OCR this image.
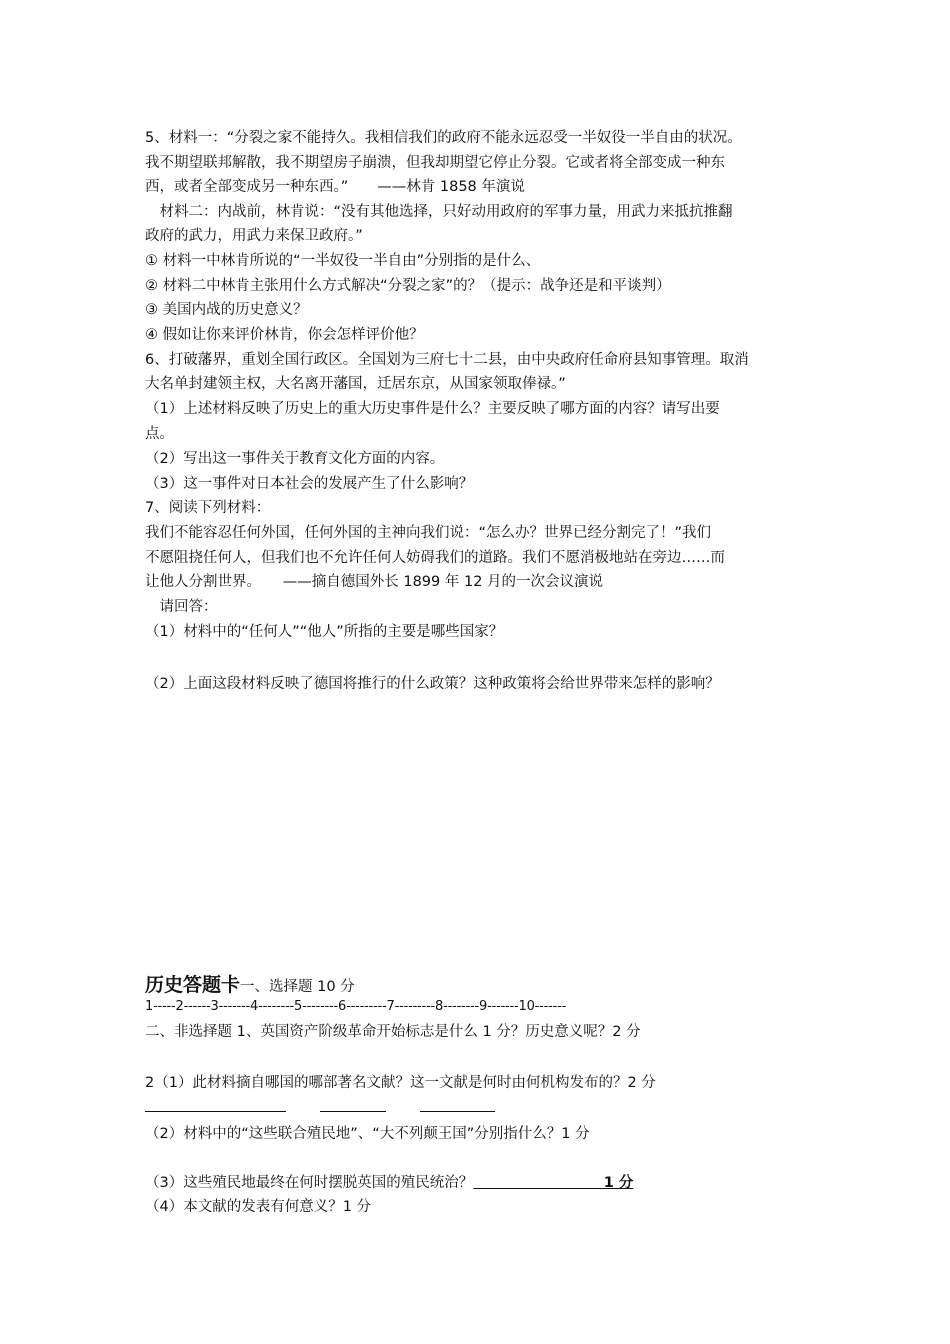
5、材料一：“分裂之家不能持久。我相信我们的政府不能永远忍受一半奴役一半自由的状况。
我不期望联邦解散，我不期望房子崩溃，但我却期望它停止分裂。它或者将全部变成一种东
西，或者全部变成另一种东西。”　　——林肯 1858 年演说
　材料二：内战前，林肯说：“没有其他选择，只好动用政府的军事力量，用武力来抵抗推翻
政府的武力，用武力来保卫政府。”
① 材料一中林肯所说的“一半奴役一半自由”分别指的是什么、
② 材料二中林肯主张用什么方式解决“分裂之家”的？（提示：战争还是和平谈判）
③ 美国内战的历史意义？
④ 假如让你来评价林肯，你会怎样评价他？
6、打破藩界，重划全国行政区。全国划为三府七十二县，由中央政府任命府县知事管理。取消
大名单封建领主权，大名离开藩国，迁居东京，从国家领取俸禄。”
（1）上述材料反映了历史上的重大历史事件是什么？主要反映了哪方面的内容？请写出要
点。
（2）写出这一事件关于教育文化方面的内容。
（3）这一事件对日本社会的发展产生了什么影响？
7、阅读下列材料：
我们不能容忍任何外国，任何外国的主神向我们说：“怎么办？世界已经分割完了！”我们
不愿阻挠任何人，但我们也不允许任何人妨碍我们的道路。我们不愿消极地站在旁边……而
让他人分割世界。　　——摘自德国外长 1899 年 12 月的一次会议演说
　请回答：
（1）材料中的“任何人”“他人”所指的主要是哪些国家？
（2）上面这段材料反映了德国将推行的什么政策？这种政策将会给世界带来怎样的影响？
历史答题卡一、选择题 10 分
1-----2------3-------4--------5--------6---------7---------8--------9-------10-------
二、非选择题 1、英国资产阶级革命开始标志是什么 1 分？历史意义呢？2 分
2（1）此材料摘自哪国的哪部著名文献？这一文献是何时由何机构发布的？2 分
（2）材料中的“这些联合殖民地”、“大不列颠王国”分别指什么？1 分
（3）这些殖民地最终在何时摆脱英国的殖民统治？　　　　　　　　　	1 分
（4）本文献的发表有何意义？1 分
